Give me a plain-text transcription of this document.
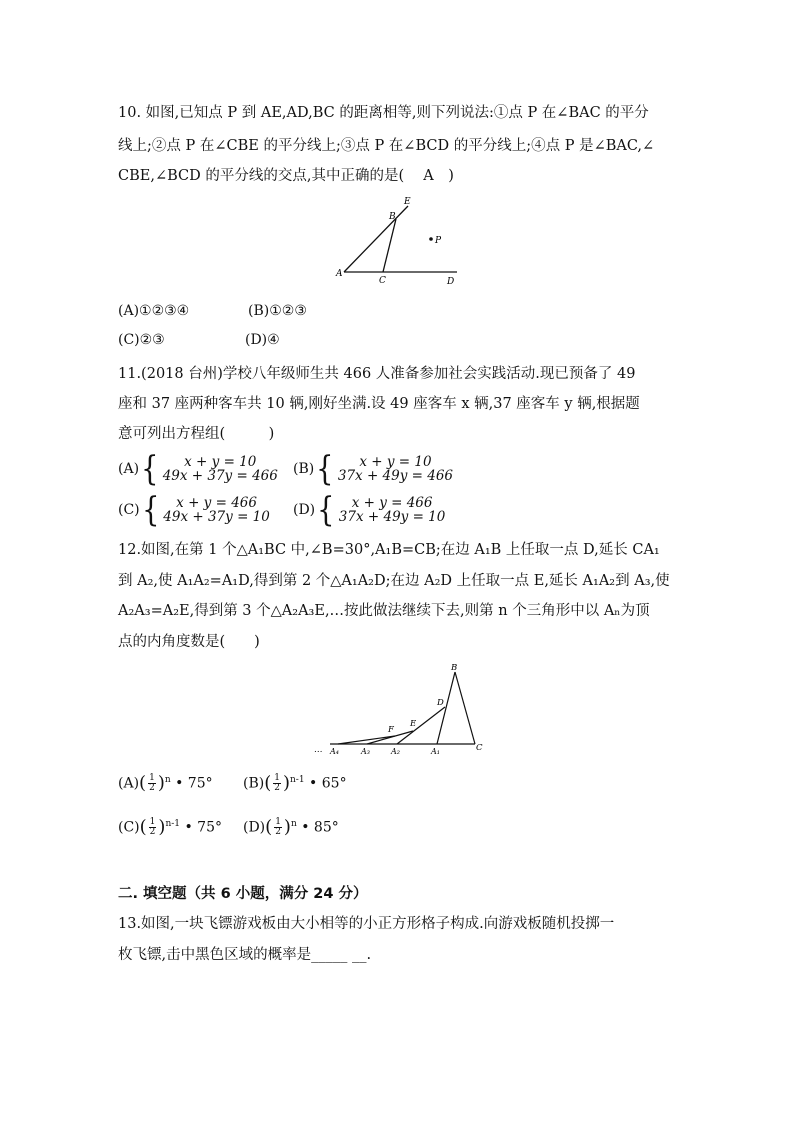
10. 如图,已知点 P 到 AE,AD,BC 的距离相等,则下列说法:①点 P 在∠BAC 的平分
线上;②点 P 在∠CBE 的平分线上;③点 P 在∠BCD 的平分线上;④点 P 是∠BAC,∠
CBE,∠BCD 的平分线的交点,其中正确的是(　 A　)
E
B
P
A
C	D
(A)①②③④	(B)①②③
(C)②③	(D)④
11.(2018 台州)学校八年级师生共 466 人准备参加社会实践活动.现已预备了 49
座和 37 座两种客车共 10 辆,刚好坐满.设 49 座客车 x 辆,37 座客车 y 辆,根据题
意可列出方程组(　　　)
(A) {	x + y = 10
49x + 37y = 466 (B) {	x + y = 10
37x + 49y = 466
(C) {	x + y = 466
49x + 37y = 10 (D) {	x + y = 466
37x + 49y = 10
12.如图,在第 1 个△A₁BC 中,∠B=30°,A₁B=CB;在边 A₁B 上任取一点 D,延长 CA₁
到 A₂,使 A₁A₂=A₁D,得到第 2 个△A₁A₂D;在边 A₂D 上任取一点 E,延长 A₁A₂到 A₃,使
A₂A₃=A₂E,得到第 3 个△A₂A₃E,…按此做法继续下去,则第 n 个三角形中以 Aₙ为顶
点的内角度数是(　　)
B
D
E
F
… A₄	A₃	A₂	A₁	C
$(A)( \frac{1}{2} )^n$ • 75° $(B)( \frac{1}{2} )^{n-1}$ • 65°
$(C)( \frac{1}{2} )^{n-1}$ • 75° $(D)( \frac{1}{2} )^n$ • 85°
二. 填空题（共 6 小题，满分 24 分）
13.如图,一块飞镖游戏板由大小相等的小正方形格子构成.向游戏板随机投掷一
枚飞镖,击中黑色区域的概率是_____ __.
